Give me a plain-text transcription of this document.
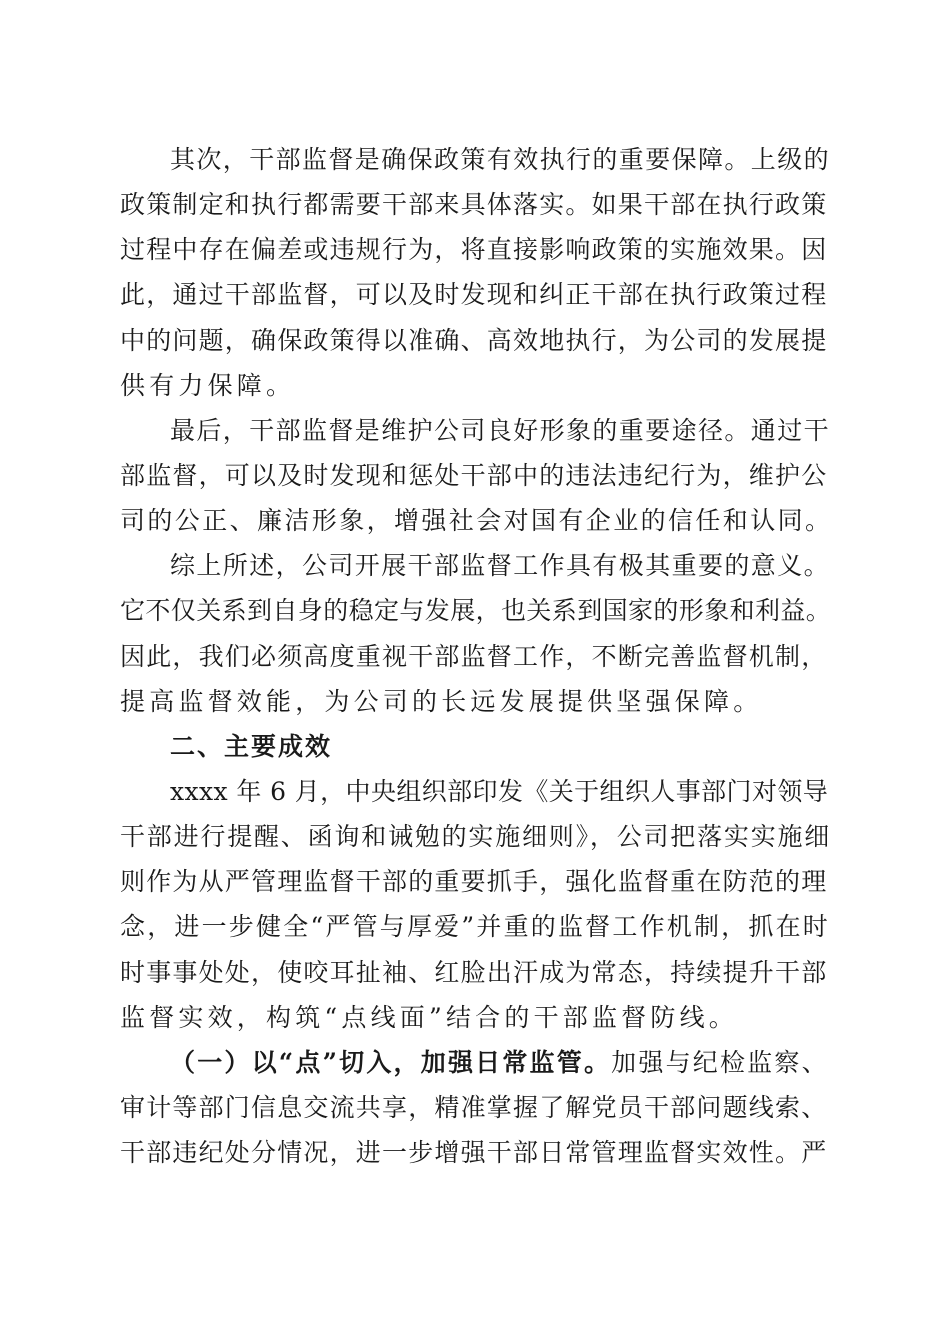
其次，干部监督是确保政策有效执行的重要保障。上级的
政策制定和执行都需要干部来具体落实。如果干部在执行政策
过程中存在偏差或违规行为，将直接影响政策的实施效果。因
此，通过干部监督，可以及时发现和纠正干部在执行政策过程
中的问题，确保政策得以准确、高效地执行，为公司的发展提
供有力保障。
最后，干部监督是维护公司良好形象的重要途径。通过干
部监督，可以及时发现和惩处干部中的违法违纪行为，维护公
司的公正、廉洁形象，增强社会对国有企业的信任和认同。
综上所述，公司开展干部监督工作具有极其重要的意义。
它不仅关系到自身的稳定与发展，也关系到国家的形象和利益。
因此，我们必须高度重视干部监督工作，不断完善监督机制，
提高监督效能，为公司的长远发展提供坚强保障。
二、主要成效
xxxx 年 6 月，中央组织部印发《关于组织人事部门对领导
干部进行提醒、函询和诫勉的实施细则》，公司把落实实施细
则作为从严管理监督干部的重要抓手，强化监督重在防范的理
念，进一步健全“严管与厚爱”并重的监督工作机制，抓在时
时事事处处，使咬耳扯袖、红脸出汗成为常态，持续提升干部
监督实效，构筑“点线面”结合的干部监督防线。
（一）以“点”切入，加强日常监管。加强与纪检监察、
审计等部门信息交流共享，精准掌握了解党员干部问题线索、
干部违纪处分情况，进一步增强干部日常管理监督实效性。严
